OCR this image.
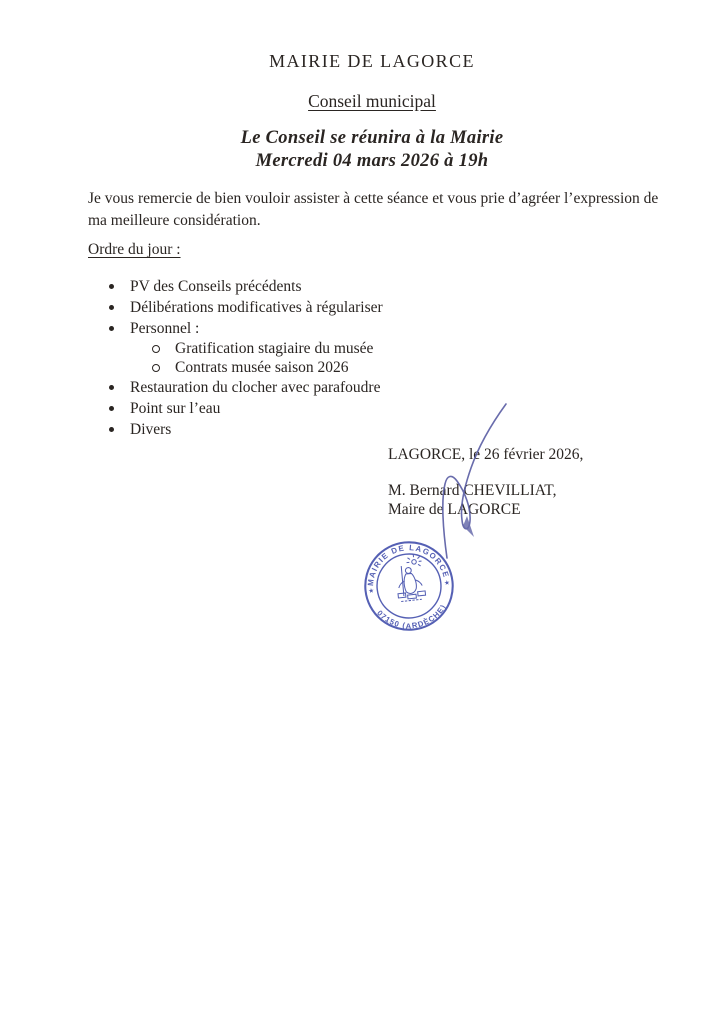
MAIRIE DE LAGORCE
Conseil municipal
Le Conseil se réunira à la Mairie
Mercredi 04 mars 2026 à 19h
Je vous remercie de bien vouloir assister à cette séance et vous prie d’agréer l’expression de
ma meilleure considération.
Ordre du jour :
PV des Conseils précédents
Délibérations modificatives à régulariser
Personnel :
Gratification stagiaire du musée
Contrats musée saison 2026
Restauration du clocher avec parafoudre
Point sur l’eau
Divers
LAGORCE, le 26 février 2026,
M. Bernard CHEVILLIAT,
Maire de LAGORCE
MAIRIE DE LAGORCE
07150 (ARDÈCHE)
★
★
